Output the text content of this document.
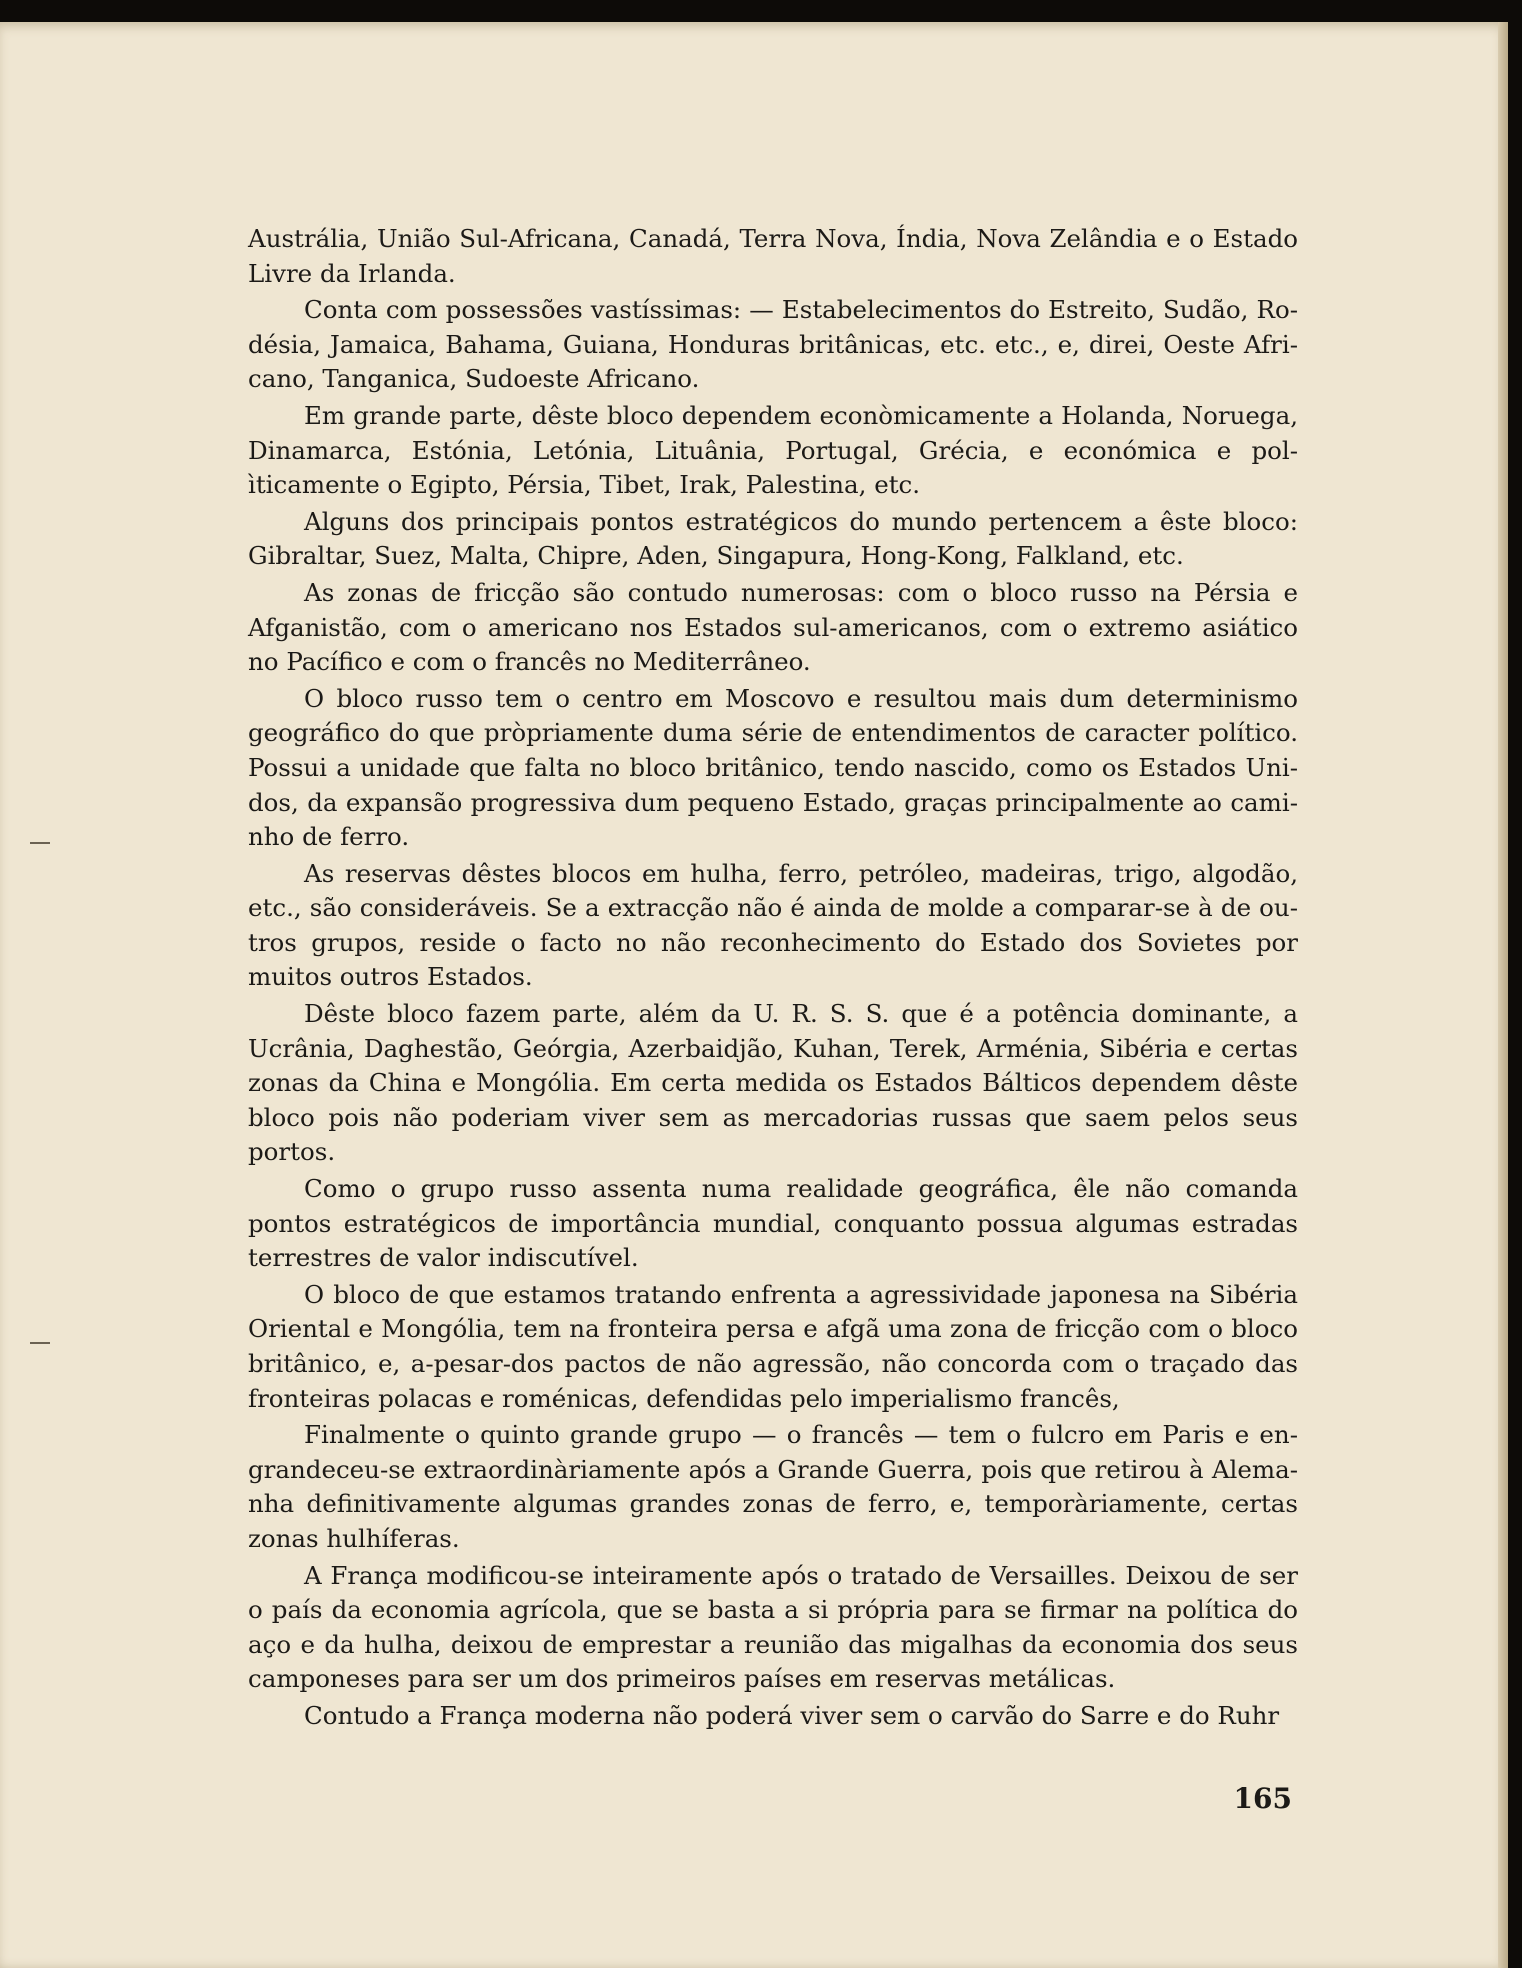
Austrália, União Sul-Africana, Canadá, Terra Nova, Índia, Nova Zelândia e o Estado Livre da Irlanda.

Conta com possessões vastíssimas: — Estabelecimentos do Estreito, Sudão, Ro-désia, Jamaica, Bahama, Guiana, Honduras britânicas, etc. etc., e, direi, Oeste Afri-cano, Tanganica, Sudoeste Africano.

Em grande parte, dêste bloco dependem econòmicamente a Holanda, Noruega, Dinamarca, Estónia, Letónia, Lituânia, Portugal, Grécia, e económica e polìticamente o Egipto, Pérsia, Tibet, Irak, Palestina, etc.

Alguns dos principais pontos estratégicos do mundo pertencem a êste bloco: Gibraltar, Suez, Malta, Chipre, Aden, Singapura, Hong-Kong, Falkland, etc.

As zonas de fricção são contudo numerosas: com o bloco russo na Pérsia e Afganistão, com o americano nos Estados sul-americanos, com o extremo asiático no Pacífico e com o francês no Mediterrâneo.

O bloco russo tem o centro em Moscovo e resultou mais dum determinismo geográfico do que pròpriamente duma série de entendimentos de caracter político. Possui a unidade que falta no bloco britânico, tendo nascido, como os Estados Uni-dos, da expansão progressiva dum pequeno Estado, graças principalmente ao cami-nho de ferro.

As reservas dêstes blocos em hulha, ferro, petróleo, madeiras, trigo, algodão, etc., são consideráveis. Se a extracção não é ainda de molde a comparar-se à de ou-tros grupos, reside o facto no não reconhecimento do Estado dos Sovietes por muitos outros Estados.

Dêste bloco fazem parte, além da U. R. S. S. que é a potência dominante, a Ucrânia, Daghestão, Geórgia, Azerbaidjão, Kuhan, Terek, Arménia, Sibéria e certas zonas da China e Mongólia. Em certa medida os Estados Bálticos dependem dêste bloco pois não poderiam viver sem as mercadorias russas que saem pelos seus portos.

Como o grupo russo assenta numa realidade geográfica, êle não comanda pontos estratégicos de importância mundial, conquanto possua algumas estradas terrestres de valor indiscutível.

O bloco de que estamos tratando enfrenta a agressividade japonesa na Sibéria Oriental e Mongólia, tem na fronteira persa e afgã uma zona de fricção com o bloco britânico, e, a-pesar-dos pactos de não agressão, não concorda com o traçado das fronteiras polacas e roménicas, defendidas pelo imperialismo francês,

Finalmente o quinto grande grupo — o francês — tem o fulcro em Paris e en-grandeceu-se extraordinàriamente após a Grande Guerra, pois que retirou à Alema-nha definitivamente algumas grandes zonas de ferro, e, temporàriamente, certas zonas hulhíferas.

A França modificou-se inteiramente após o tratado de Versailles. Deixou de ser o país da economia agrícola, que se basta a si própria para se firmar na política do aço e da hulha, deixou de emprestar a reunião das migalhas da economia dos seus camponeses para ser um dos primeiros países em reservas metálicas.

Contudo a França moderna não poderá viver sem o carvão do Sarre e do Ruhr

165
